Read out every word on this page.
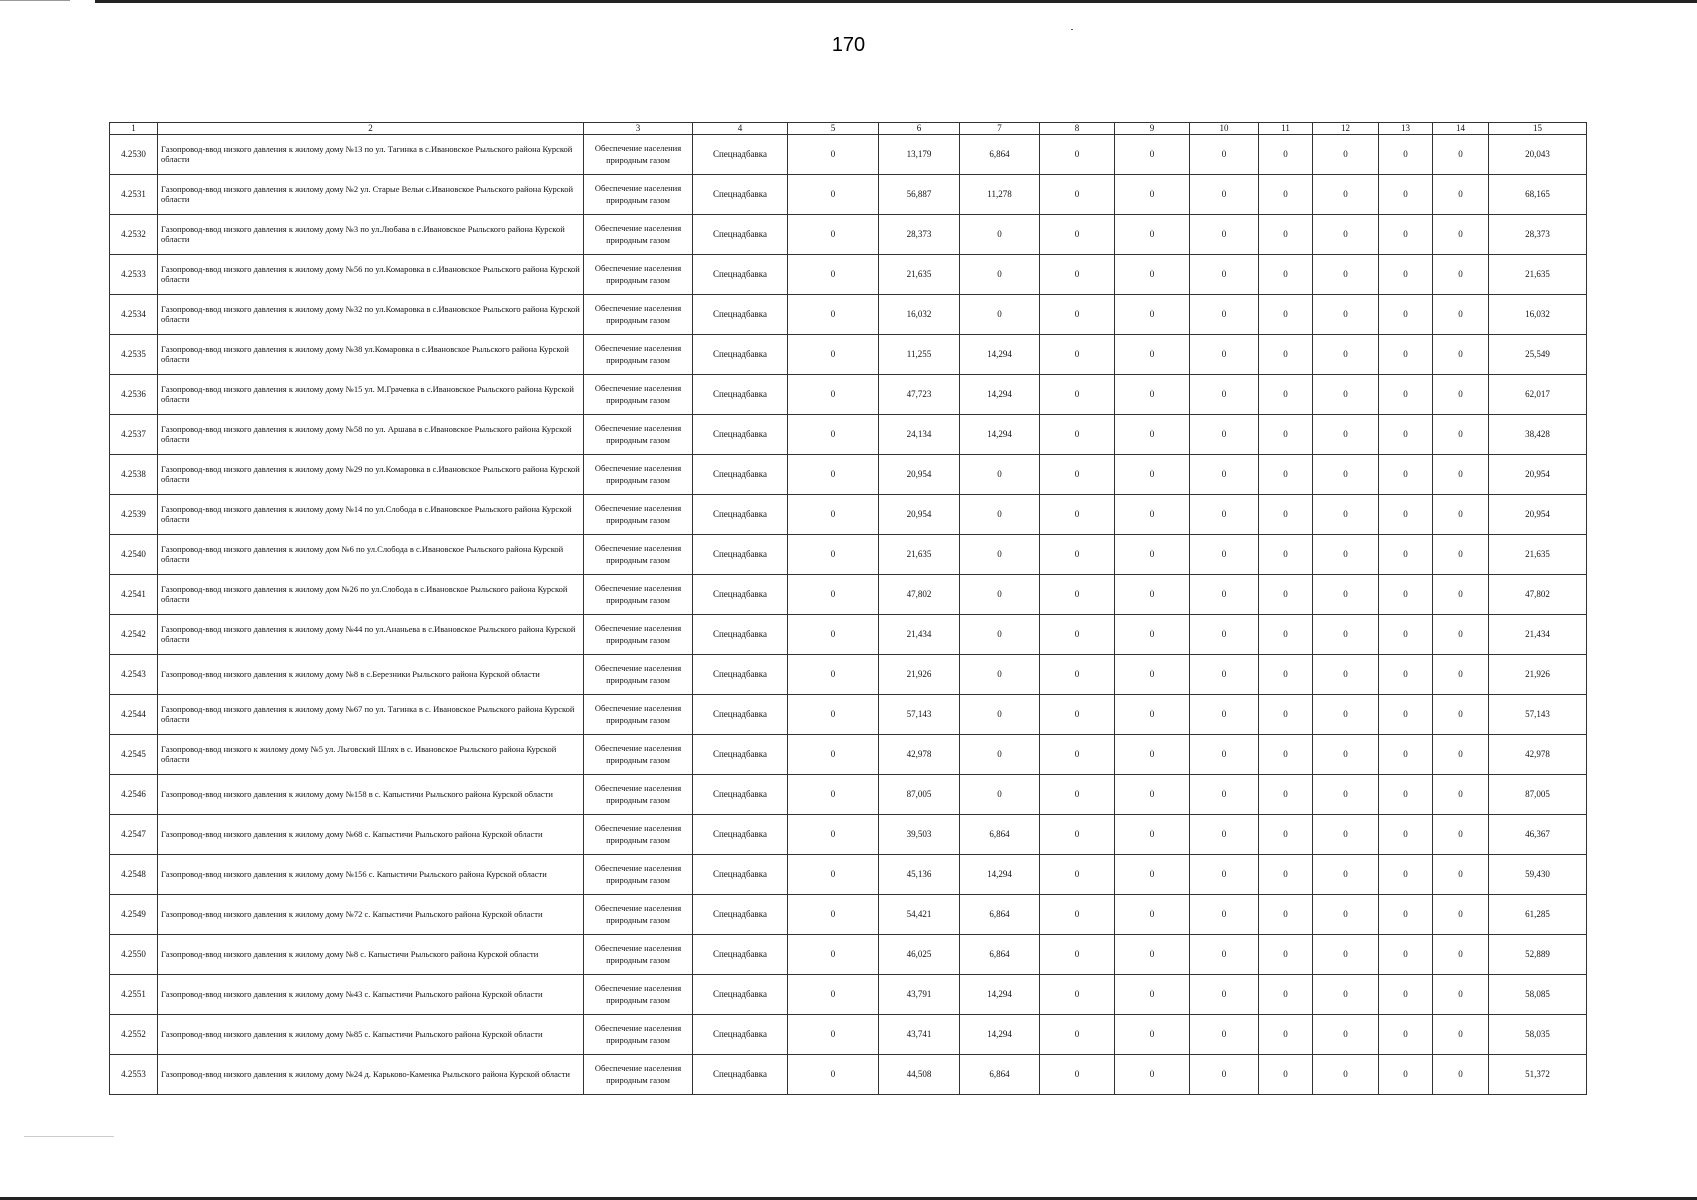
170
1	2	3	4	5	6	7	8	9	10	11	12	13	14	15
4.2530	Газопровод-ввод низкого давления к жилому дому №13 по ул. Тагинка в с.Ивановское Рыльского района Курской области	Обеспечение населения природным газом	Спецнадбавка	0	13,179	6,864	0	0	0	0	0	0	0	20,043
4.2531	Газопровод-ввод низкого давления к жилому дому №2 ул. Старые Вельи с.Ивановское Рыльского района Курской области	Обеспечение населения природным газом	Спецнадбавка	0	56,887	11,278	0	0	0	0	0	0	0	68,165
4.2532	Газопровод-ввод низкого давления к жилому дому №3 по ул.Любава в с.Ивановское Рыльского района Курской области	Обеспечение населения природным газом	Спецнадбавка	0	28,373	0	0	0	0	0	0	0	0	28,373
4.2533	Газопровод-ввод низкого давления к жилому дому №56 по ул.Комаровка в с.Ивановское Рыльского района Курской области	Обеспечение населения природным газом	Спецнадбавка	0	21,635	0	0	0	0	0	0	0	0	21,635
4.2534	Газопровод-ввод низкого давления к жилому дому №32 по ул.Комаровка в с.Ивановское Рыльского района Курской области	Обеспечение населения природным газом	Спецнадбавка	0	16,032	0	0	0	0	0	0	0	0	16,032
4.2535	Газопровод-ввод низкого давления к жилому дому №38 ул.Комаровка в с.Ивановское Рыльского района Курской области	Обеспечение населения природным газом	Спецнадбавка	0	11,255	14,294	0	0	0	0	0	0	0	25,549
4.2536	Газопровод-ввод низкого давления к жилому дому №15 ул. М.Грачевка в с.Ивановское Рыльского района Курской области	Обеспечение населения природным газом	Спецнадбавка	0	47,723	14,294	0	0	0	0	0	0	0	62,017
4.2537	Газопровод-ввод низкого давления к жилому дому №58 по ул. Аршава в с.Ивановское Рыльского района Курской области	Обеспечение населения природным газом	Спецнадбавка	0	24,134	14,294	0	0	0	0	0	0	0	38,428
4.2538	Газопровод-ввод низкого давления к жилому дому №29 по ул.Комаровка в с.Ивановское Рыльского района Курской области	Обеспечение населения природным газом	Спецнадбавка	0	20,954	0	0	0	0	0	0	0	0	20,954
4.2539	Газопровод-ввод низкого давления к жилому дому №14 по ул.Слобода в с.Ивановское Рыльского района Курской области	Обеспечение населения природным газом	Спецнадбавка	0	20,954	0	0	0	0	0	0	0	0	20,954
4.2540	Газопровод-ввод низкого давления к жилому дом №6 по ул.Слобода в с.Ивановское Рыльского района Курской области	Обеспечение населения природным газом	Спецнадбавка	0	21,635	0	0	0	0	0	0	0	0	21,635
4.2541	Газопровод-ввод низкого давления к жилому дом №26 по ул.Слобода в с.Ивановское Рыльского района Курской области	Обеспечение населения природным газом	Спецнадбавка	0	47,802	0	0	0	0	0	0	0	0	47,802
4.2542	Газопровод-ввод низкого давления к жилому дому №44 по ул.Ананьева в с.Ивановское Рыльского района Курской области	Обеспечение населения природным газом	Спецнадбавка	0	21,434	0	0	0	0	0	0	0	0	21,434
4.2543	Газопровод-ввод низкого давления к жилому дому №8 в с.Березники Рыльского района Курской области	Обеспечение населения природным газом	Спецнадбавка	0	21,926	0	0	0	0	0	0	0	0	21,926
4.2544	Газопровод-ввод низкого давления к жилому дому №67 по ул. Тагинка в с. Ивановское Рыльского района Курской области	Обеспечение населения природным газом	Спецнадбавка	0	57,143	0	0	0	0	0	0	0	0	57,143
4.2545	Газопровод-ввод низкого к жилому дому №5 ул. Льговский Шлях в с. Ивановское Рыльского района Курской области	Обеспечение населения природным газом	Спецнадбавка	0	42,978	0	0	0	0	0	0	0	0	42,978
4.2546	Газопровод-ввод низкого давления к жилому дому №158 в с. Капыстичи Рыльского района Курской области	Обеспечение населения природным газом	Спецнадбавка	0	87,005	0	0	0	0	0	0	0	0	87,005
4.2547	Газопровод-ввод низкого давления к жилому дому №68 с. Капыстичи Рыльского района Курской области	Обеспечение населения природным газом	Спецнадбавка	0	39,503	6,864	0	0	0	0	0	0	0	46,367
4.2548	Газопровод-ввод низкого давления к жилому дому №156 с. Капыстичи Рыльского района Курской области	Обеспечение населения природным газом	Спецнадбавка	0	45,136	14,294	0	0	0	0	0	0	0	59,430
4.2549	Газопровод-ввод низкого давления к жилому дому №72 с. Капыстичи Рыльского района Курской области	Обеспечение населения природным газом	Спецнадбавка	0	54,421	6,864	0	0	0	0	0	0	0	61,285
4.2550	Газопровод-ввод низкого давления к жилому дому №8 с. Капыстичи Рыльского района Курской области	Обеспечение населения природным газом	Спецнадбавка	0	46,025	6,864	0	0	0	0	0	0	0	52,889
4.2551	Газопровод-ввод низкого давления к жилому дому №43 с. Капыстичи Рыльского района Курской области	Обеспечение населения природным газом	Спецнадбавка	0	43,791	14,294	0	0	0	0	0	0	0	58,085
4.2552	Газопровод-ввод низкого давления к жилому дому №85 с. Капыстичи Рыльского района Курской области	Обеспечение населения природным газом	Спецнадбавка	0	43,741	14,294	0	0	0	0	0	0	0	58,035
4.2553	Газопровод-ввод низкого давления к жилому дому №24 д. Карьково-Каменка Рыльского района Курской области	Обеспечение населения природным газом	Спецнадбавка	0	44,508	6,864	0	0	0	0	0	0	0	51,372
